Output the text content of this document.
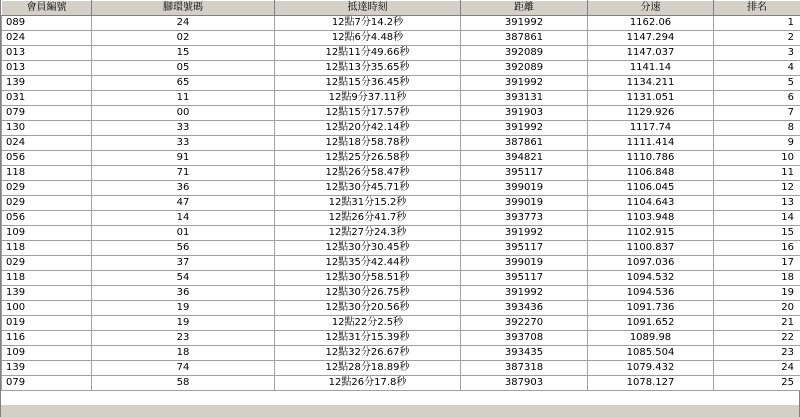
會員編號	腳環號碼	抵達時刻	距離	分速	排名
089	24	12點7分14.2秒	391992	1162.06	1
024	02	12點6分4.48秒	387861	1147.294	2
013	15	12點11分49.66秒	392089	1147.037	3
013	05	12點13分35.65秒	392089	1141.14	4
139	65	12點15分36.45秒	391992	1134.211	5
031	11	12點9分37.11秒	393131	1131.051	6
079	00	12點15分17.57秒	391903	1129.926	7
130	33	12點20分42.14秒	391992	1117.74	8
024	33	12點18分58.78秒	387861	1111.414	9
056	91	12點25分26.58秒	394821	1110.786	10
118	71	12點26分58.47秒	395117	1106.848	11
029	36	12點30分45.71秒	399019	1106.045	12
029	47	12點31分15.2秒	399019	1104.643	13
056	14	12點26分41.7秒	393773	1103.948	14
109	01	12點27分24.3秒	391992	1102.915	15
118	56	12點30分30.45秒	395117	1100.837	16
029	37	12點35分42.44秒	399019	1097.036	17
118	54	12點30分58.51秒	395117	1094.532	18
139	36	12點30分26.75秒	391992	1094.536	19
100	19	12點30分20.56秒	393436	1091.736	20
019	19	12點22分2.5秒	392270	1091.652	21
116	23	12點31分15.39秒	393708	1089.98	22
109	18	12點32分26.67秒	393435	1085.504	23
139	74	12點28分18.89秒	387318	1079.432	24
079	58	12點26分17.8秒	387903	1078.127	25
